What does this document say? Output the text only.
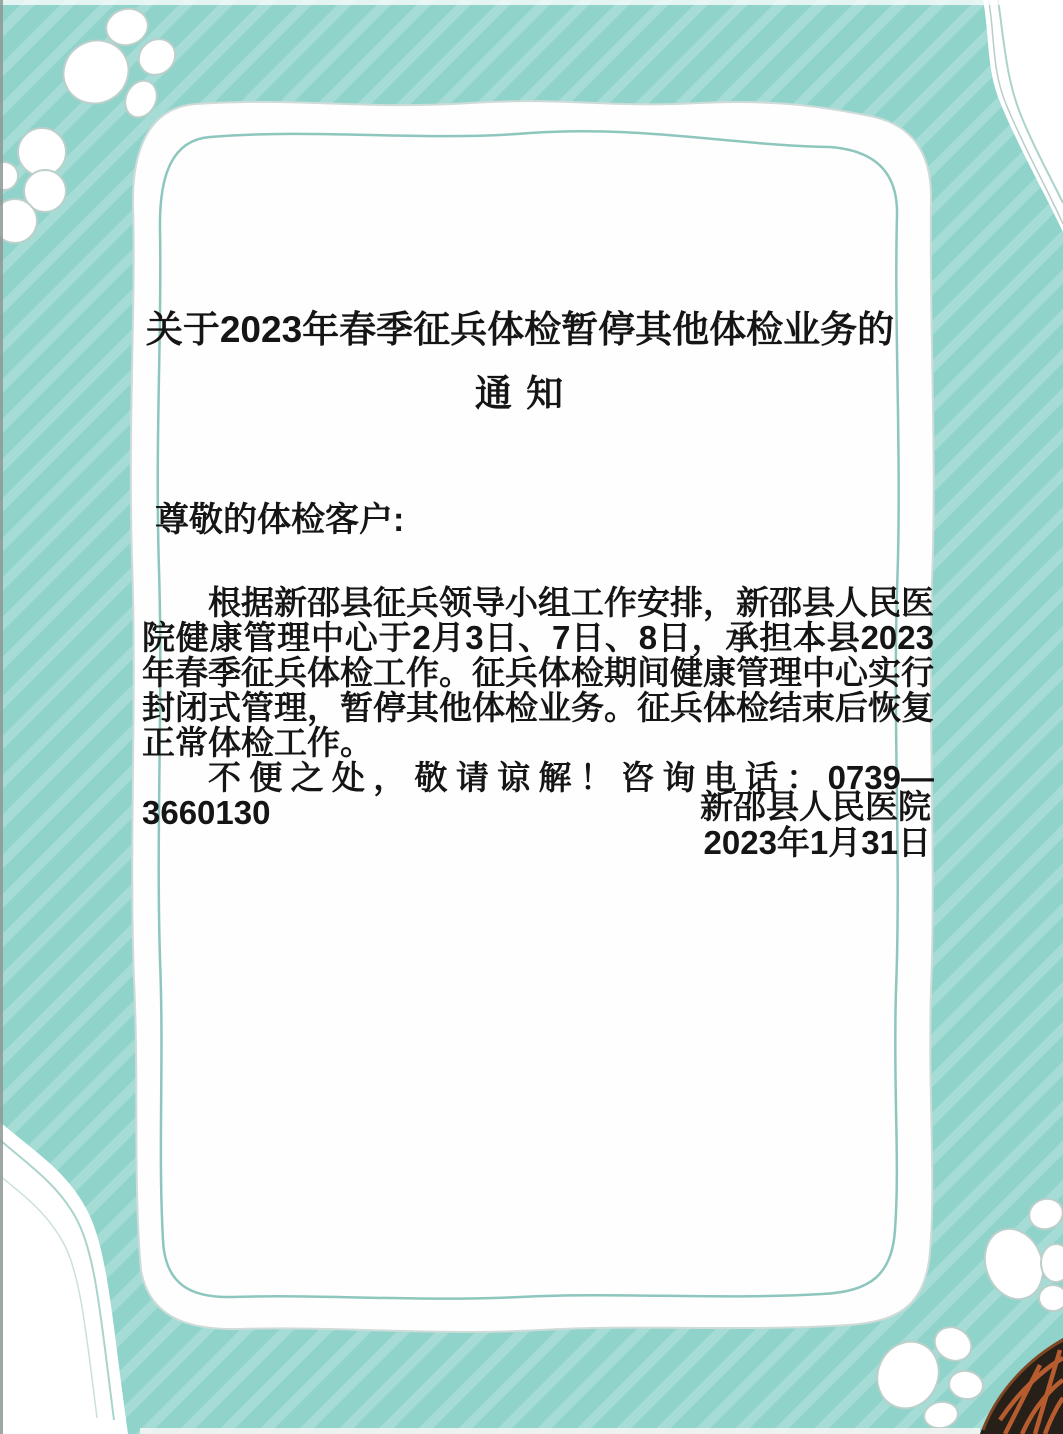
关于2023年春季征兵体检暂停其他体检业务的
通 知
尊敬的体检客户:

根据新邵县征兵领导小组工作安排，新邵县人民医院健康管理中心于2月3日、7日、8日，承担本县2023年春季征兵体检工作。征兵体检期间健康管理中心实行封闭式管理，暂停其他体检业务。征兵体检结束后恢复正常体检工作。

不便之处，敬请谅解！咨询电话：0739—3660130	新邵县人民医院
2023年1月31日
